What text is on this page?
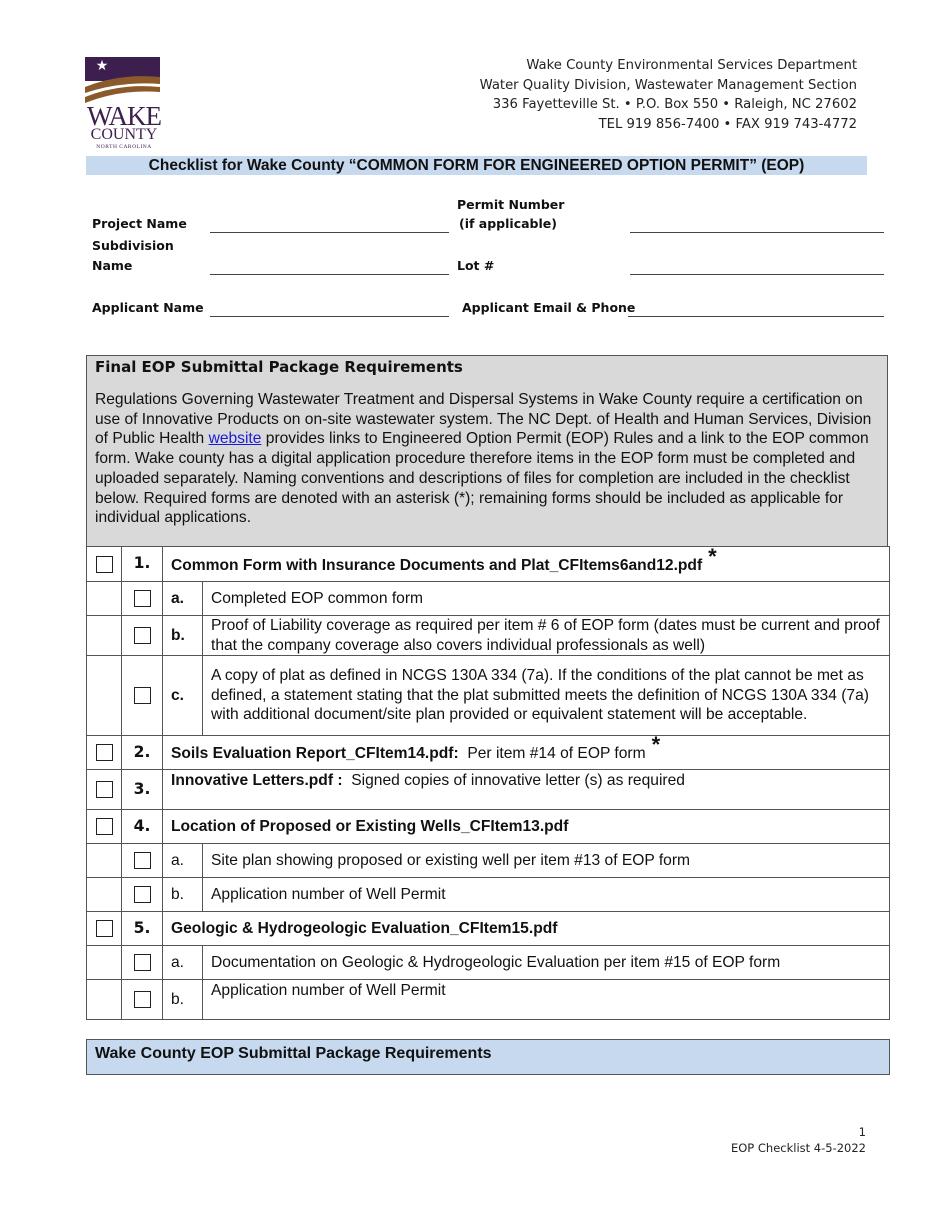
★
WAKE
COUNTY
NORTH CAROLINA
Wake County Environmental Services Department
Water Quality Division, Wastewater Management Section
336 Fayetteville St. • P.O. Box 550 • Raleigh, NC 27602
TEL 919 856-7400 • FAX 919 743-4772
Checklist for Wake County “COMMON FORM FOR ENGINEERED OPTION PERMIT” (EOP)
Project Name
Permit Number
(if applicable)
Subdivision
Name	Lot #
Applicant Name	Applicant Email & Phone
Final EOP Submittal Package Requirements
Regulations Governing Wastewater Treatment and Dispersal Systems in Wake County require a certification on use of Innovative Products on on-site wastewater system. The NC Dept. of Health and Human Services, Division of Public Health website provides links to Engineered Option Permit (EOP) Rules and a link to the EOP common form. Wake county has a digital application procedure therefore items in the EOP form must be completed and uploaded separately. Naming conventions and descriptions of files for completion are included in the checklist below. Required forms are denoted with an asterisk (*); remaining forms should be included as applicable for individual applications.
	1.	Common Form with Insurance Documents and Plat_CFItems6and12.pdf *	
		a.	Completed EOP common form
		b.	Proof of Liability coverage as required per item # 6 of EOP form (dates must be current and proof that the company coverage also covers individual professionals as well)
		c.	A copy of plat as defined in NCGS 130A 334 (7a). If the conditions of the plat cannot be met as defined, a statement stating that the plat submitted meets the definition of NCGS 130A 334 (7a) with additional document/site plan provided or equivalent statement will be acceptable.
	2.	Soils Evaluation Report_CFItem14.pdf: Per item #14 of EOP form *	
	3.	Innovative Letters.pdf : Signed copies of innovative letter (s) as required	
	4.	Location of Proposed or Existing Wells_CFItem13.pdf	
		a.	Site plan showing proposed or existing well per item #13 of EOP form
		b.	Application number of Well Permit
	5.	Geologic & Hydrogeologic Evaluation_CFItem15.pdf	
		a.	Documentation on Geologic & Hydrogeologic Evaluation per item #15 of EOP form
		b.	Application number of Well Permit
Wake County EOP Submittal Package Requirements
1
EOP Checklist 4-5-2022
